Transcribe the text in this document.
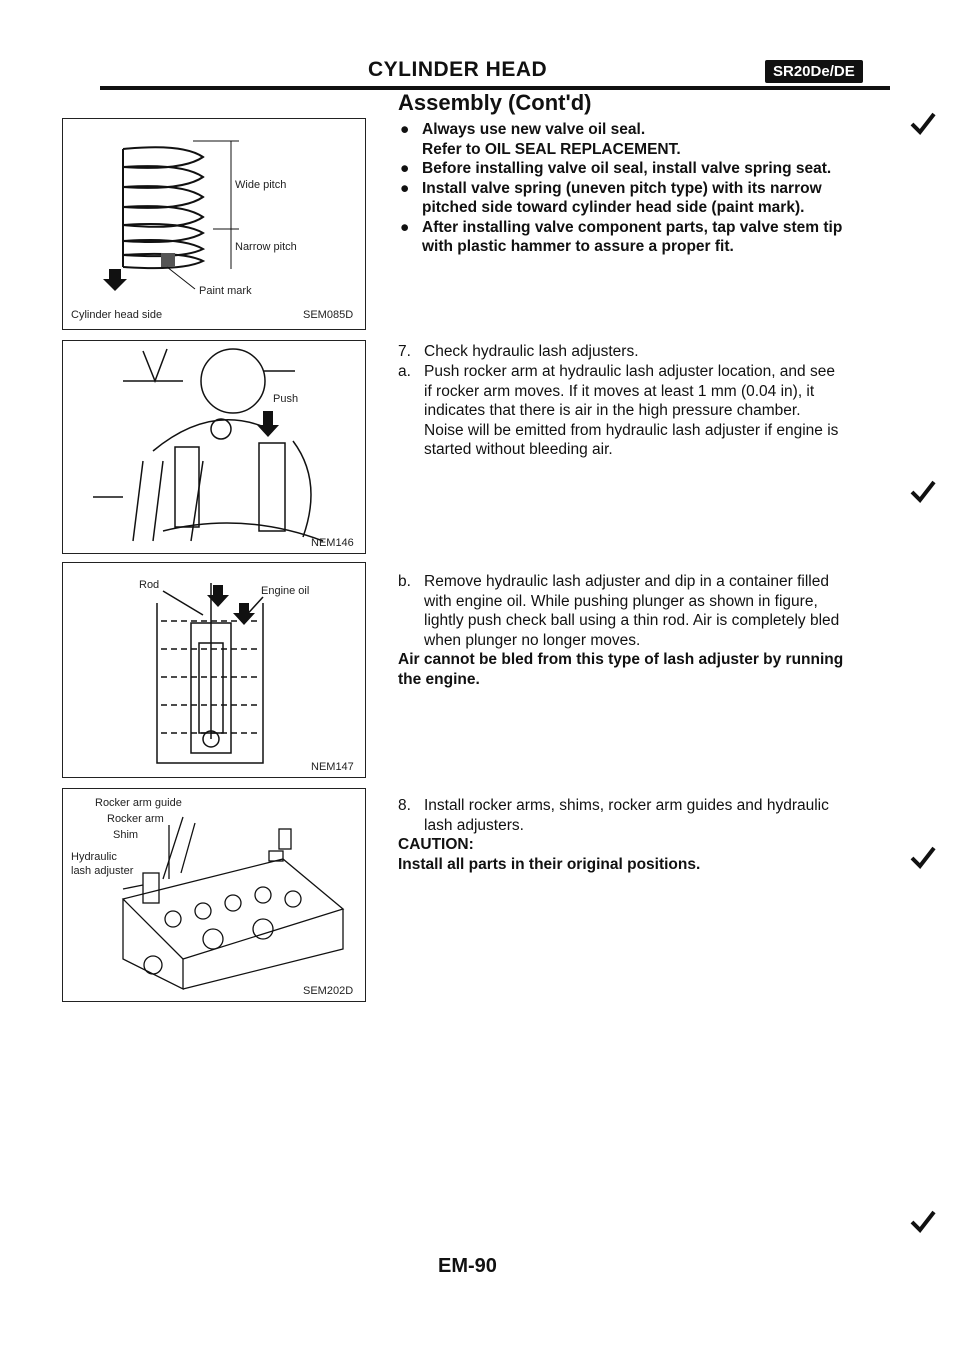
CYLINDER HEAD	SR20De/DE
Assembly (Cont'd)
Wide pitch
Narrow pitch
Paint mark
Cylinder head side	SEM085D
Push
NEM146
Rod	Engine oil
NEM147
Rocker arm guide
Rocker arm
Shim
Hydraulic
lash adjuster
SEM202D

● Always use new valve oil seal.
Refer to OIL SEAL REPLACEMENT.

● Before installing valve oil seal, install valve spring seat.

● Install valve spring (uneven pitch type) with its narrow
pitched side toward cylinder head side (paint mark).

● After installing valve component parts, tap valve stem tip
with plastic hammer to assure a proper fit.

7. Check hydraulic lash adjusters.
a. Push rocker arm at hydraulic lash adjuster location, and see
if rocker arm moves. If it moves at least 1 mm (0.04 in), it
indicates that there is air in the high pressure chamber.
Noise will be emitted from hydraulic lash adjuster if engine is
started without bleeding air.
b. Remove hydraulic lash adjuster and dip in a container filled
with engine oil. While pushing plunger as shown in figure,
lightly push check ball using a thin rod. Air is completely bled
when plunger no longer moves.
Air cannot be bled from this type of lash adjuster by running
the engine.
8. Install rocker arms, shims, rocker arm guides and hydraulic
lash adjusters.
CAUTION:
Install all parts in their original positions.
EM-90
